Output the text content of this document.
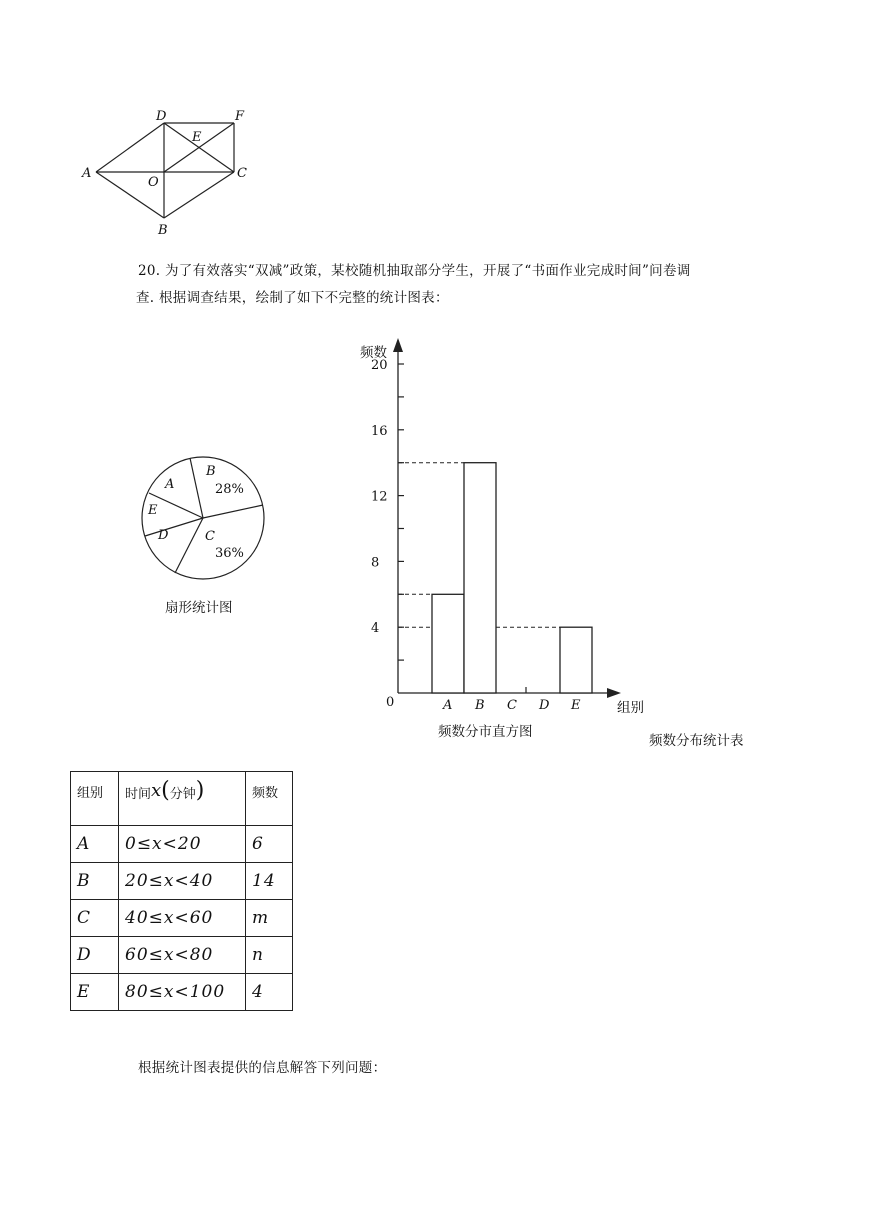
D	F
E
A
O
C
B
20. 为了有效落实“双减”政策，某校随机抽取部分学生，开展了“书面作业完成时间”问卷调
查. 根据调查结果，绘制了如下不完整的统计图表：
A
B
28%
E
D	C
36%
扇形统计图
4
8
12
16
20
A B C D E
频数
组别
0
频数分市直方图
频数分布统计表
组别	时间x(分钟)	频数
A	0≤x<20	6
B	20≤x<40	14
C	40≤x<60	m
D	60≤x<80	n
E	80≤x<100	4
根据统计图表提供的信息解答下列问题：
